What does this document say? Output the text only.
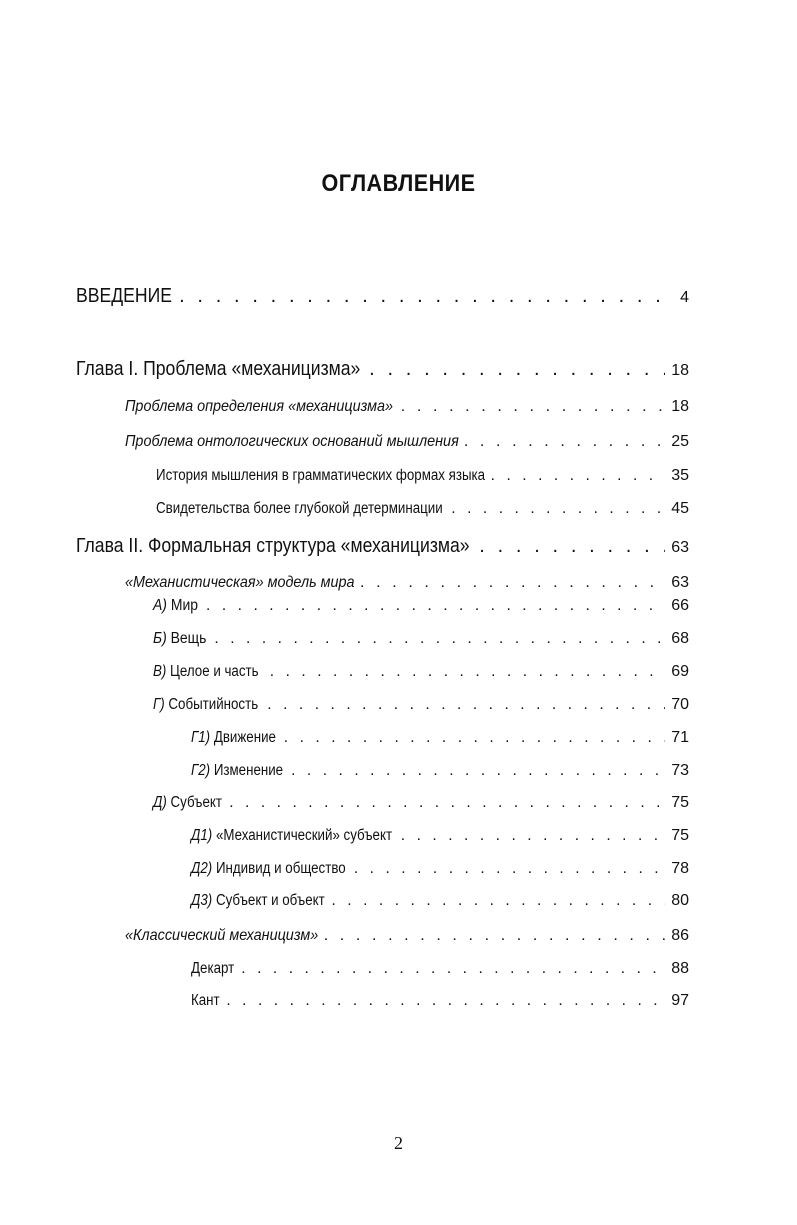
ОГЛАВЛЕНИЕ
ВВЕДЕНИЕ . . .	4
Глава I. Проблема «механицизма» . . .	18
Проблема определения «механицизма» . . .	18
Проблема онтологических оснований мышления . . .	25
История мышления в грамматических формах языка . . .	35
Свидетельства более глубокой детерминации . . .	45
Глава II. Формальная структура «механицизма» . . .	63
«Механистическая» модель мира . . .	63
А) Мир . . .	66
Б) Вещь . . .	68
В) Целое и часть . . .	69
Г) Событийность . . .	70
Г1) Движение . . .	71
Г2) Изменение . . .	73
Д) Субъект . . .	75
Д1) «Механистический» субъект . . .	75
Д2) Индивид и общество . . .	78
Д3) Субъект и объект . . .	80
«Классический механицизм» . . .	86
Декарт . . .	88
Кант . . .	97
2
